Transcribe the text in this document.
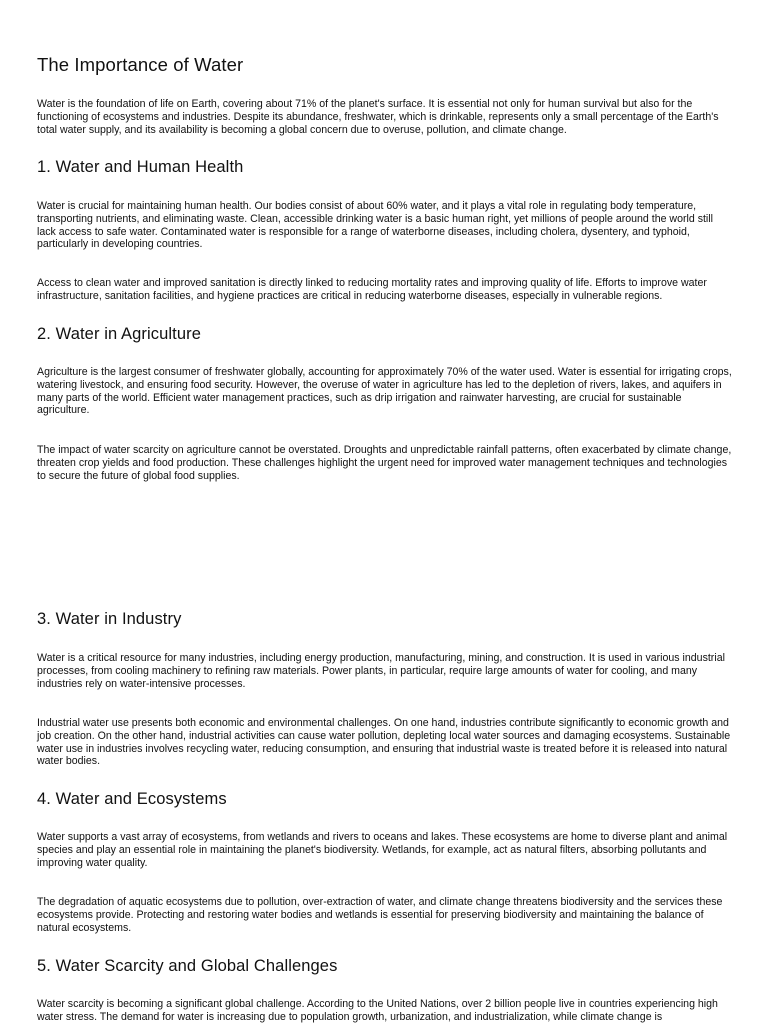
The Importance of Water
Water is the foundation of life on Earth, covering about 71% of the planet's surface. It is essential not only for human survival but also for the functioning of ecosystems and industries. Despite its abundance, freshwater, which is drinkable, represents only a small percentage of the Earth's total water supply, and its availability is becoming a global concern due to overuse, pollution, and climate change.
1. Water and Human Health
Water is crucial for maintaining human health. Our bodies consist of about 60% water, and it plays a vital role in regulating body temperature, transporting nutrients, and eliminating waste. Clean, accessible drinking water is a basic human right, yet millions of people around the world still lack access to safe water. Contaminated water is responsible for a range of waterborne diseases, including cholera, dysentery, and typhoid, particularly in developing countries.
Access to clean water and improved sanitation is directly linked to reducing mortality rates and improving quality of life. Efforts to improve water infrastructure, sanitation facilities, and hygiene practices are critical in reducing waterborne diseases, especially in vulnerable regions.
2. Water in Agriculture
Agriculture is the largest consumer of freshwater globally, accounting for approximately 70% of the water used. Water is essential for irrigating crops, watering livestock, and ensuring food security. However, the overuse of water in agriculture has led to the depletion of rivers, lakes, and aquifers in many parts of the world. Efficient water management practices, such as drip irrigation and rainwater harvesting, are crucial for sustainable agriculture.
The impact of water scarcity on agriculture cannot be overstated. Droughts and unpredictable rainfall patterns, often exacerbated by climate change, threaten crop yields and food production. These challenges highlight the urgent need for improved water management techniques and technologies to secure the future of global food supplies.
3. Water in Industry
Water is a critical resource for many industries, including energy production, manufacturing, mining, and construction. It is used in various industrial processes, from cooling machinery to refining raw materials. Power plants, in particular, require large amounts of water for cooling, and many industries rely on water-intensive processes.
Industrial water use presents both economic and environmental challenges. On one hand, industries contribute significantly to economic growth and job creation. On the other hand, industrial activities can cause water pollution, depleting local water sources and damaging ecosystems. Sustainable water use in industries involves recycling water, reducing consumption, and ensuring that industrial waste is treated before it is released into natural water bodies.
4. Water and Ecosystems
Water supports a vast array of ecosystems, from wetlands and rivers to oceans and lakes. These ecosystems are home to diverse plant and animal species and play an essential role in maintaining the planet's biodiversity. Wetlands, for example, act as natural filters, absorbing pollutants and improving water quality.
The degradation of aquatic ecosystems due to pollution, over-extraction of water, and climate change threatens biodiversity and the services these ecosystems provide. Protecting and restoring water bodies and wetlands is essential for preserving biodiversity and maintaining the balance of natural ecosystems.
5. Water Scarcity and Global Challenges
Water scarcity is becoming a significant global challenge. According to the United Nations, over 2 billion people live in countries experiencing high water stress. The demand for water is increasing due to population growth, urbanization, and industrialization, while climate change is
